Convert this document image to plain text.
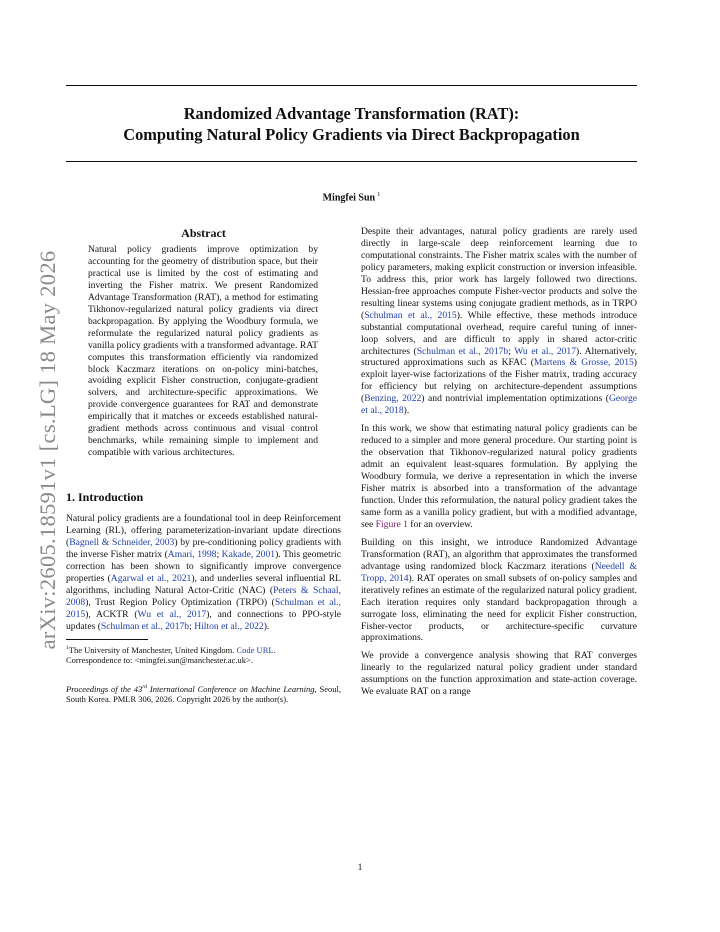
Randomized Advantage Transformation (RAT):
Computing Natural Policy Gradients via Direct Backpropagation
Mingfei Sun $^1$
arXiv:2605.18591v1 [cs.LG] 18 May 2026
Abstract

Natural policy gradients improve optimization by accounting for the geometry of distribution space, but their practical use is limited by the cost of estimating and inverting the Fisher matrix. We present Randomized Advantage Transformation (RAT), a method for estimating Tikhonov-regularized natural policy gradients via direct backpropagation. By applying the Woodbury formula, we reformulate the regularized natural policy gradients as vanilla policy gradients with a transformed advantage. RAT computes this transformation efficiently via randomized block Kaczmarz iterations on on-policy mini-batches, avoiding explicit Fisher construction, conjugate-gradient solvers, and architecture-specific approximations. We provide convergence guarantees for RAT and demonstrate empirically that it matches or exceeds established natural-gradient methods across continuous and visual control benchmarks, while remaining simple to implement and compatible with various architectures.

1. Introduction

Natural policy gradients are a foundational tool in deep Reinforcement Learning (RL), offering parameterization-invariant update directions (Bagnell & Schneider, 2003) by pre-conditioning policy gradients with the inverse Fisher matrix (Amari, 1998; Kakade, 2001). This geometric correction has been shown to significantly improve convergence properties (Agarwal et al., 2021), and underlies several influential RL algorithms, including Natural Actor-Critic (NAC) (Peters & Schaal, 2008), Trust Region Policy Optimization (TRPO) (Schulman et al., 2015), ACKTR (Wu et al., 2017), and connections to PPO-style updates (Schulman et al., 2017b; Hilton et al., 2022).

$^1$The University of Manchester, United Kingdom. Code URL.
Correspondence to: <mingfei.sun@manchester.ac.uk>.

Proceedings of the 43rd International Conference on Machine Learning, Seoul, South Korea. PMLR 306, 2026. Copyright 2026 by the author(s).

Despite their advantages, natural policy gradients are rarely used directly in large-scale deep reinforcement learning due to computational constraints. The Fisher matrix scales with the number of policy parameters, making explicit construction or inversion infeasible. To address this, prior work has largely followed two directions. Hessian-free approaches compute Fisher-vector products and solve the resulting linear systems using conjugate gradient methods, as in TRPO (Schulman et al., 2015). While effective, these methods introduce substantial computational overhead, require careful tuning of inner-loop solvers, and are difficult to apply in shared actor-critic architectures (Schulman et al., 2017b; Wu et al., 2017). Alternatively, structured approximations such as KFAC (Martens & Grosse, 2015) exploit layer-wise factorizations of the Fisher matrix, trading accuracy for efficiency but relying on architecture-dependent assumptions (Benzing, 2022) and nontrivial implementation optimizations (George et al., 2018).

In this work, we show that estimating natural policy gradients can be reduced to a simpler and more general procedure. Our starting point is the observation that Tikhonov-regularized natural policy gradients admit an equivalent least-squares formulation. By applying the Woodbury formula, we derive a representation in which the inverse Fisher matrix is absorbed into a transformation of the advantage function. Under this reformulation, the natural policy gradient takes the same form as a vanilla policy gradient, but with a modified advantage, see Figure 1 for an overview.

Building on this insight, we introduce Randomized Advantage Transformation (RAT), an algorithm that approximates the transformed advantage using randomized block Kaczmarz iterations (Needell & Tropp, 2014). RAT operates on small subsets of on-policy samples and iteratively refines an estimate of the regularized natural policy gradient. Each iteration requires only standard backpropagation through a surrogate loss, eliminating the need for explicit Fisher construction, Fisher-vector products, or architecture-specific curvature approximations.

We provide a convergence analysis showing that RAT converges linearly to the regularized natural policy gradient under standard assumptions on the function approximation and state-action coverage. We evaluate RAT on a range

1
